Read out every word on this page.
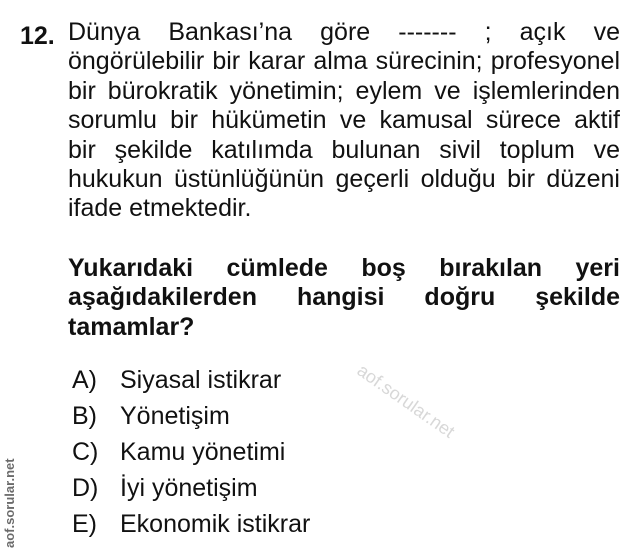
12. Dünya Bankası’na göre ------- ; açık ve
öngörülebilir bir karar alma sürecinin; profesyonel
bir bürokratik yönetimin; eylem ve işlemlerinden
sorumlu bir hükümetin ve kamusal sürece aktif
bir şekilde katılımda bulunan sivil toplum ve
hukukun üstünlüğünün geçerli olduğu bir düzeni
ifade etmektedir.
Yukarıdaki cümlede boş bırakılan yeri
aşağıdakilerden hangisi doğru şekilde
tamamlar?
A) Siyasal istikrar
B) Yönetişim
C) Kamu yönetimi
D) İyi yönetişim
E) Ekonomik istikrar
aof.sorular.net
aof.sorular.net
